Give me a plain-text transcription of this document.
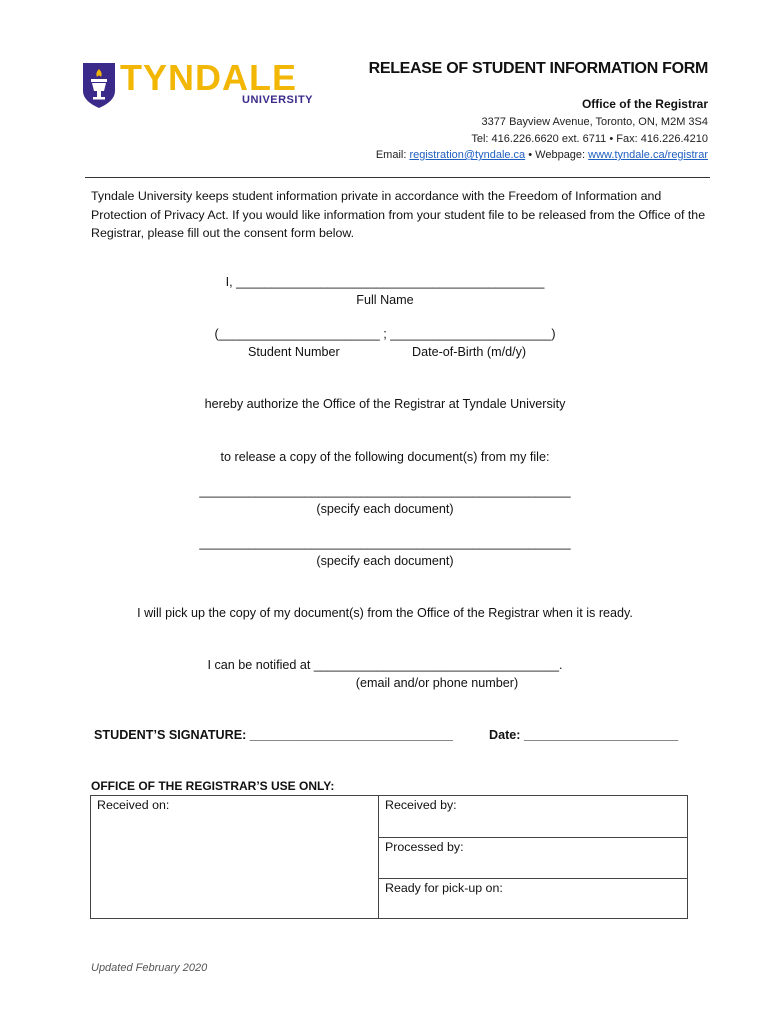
TYNDALE
UNIVERSITY
RELEASE OF STUDENT INFORMATION FORM
Office of the Registrar
3377 Bayview Avenue, Toronto, ON, M2M 3S4
Tel: 416.226.6620 ext. 6711 • Fax: 416.226.4210
Email: registration@tyndale.ca • Webpage: www.tyndale.ca/registrar
Tyndale University keeps student information private in accordance with the Freedom of Information and Protection of Privacy Act. If you would like information from your student file to be released from the Office of the Registrar, please fill out the consent form below.
I, ____________________________________________
Full Name
(_______________________ ; _______________________)
Student Number	Date-of-Birth (m/d/y)
hereby authorize the Office of the Registrar at Tyndale University
to release a copy of the following document(s) from my file:
_____________________________________________________
(specify each document)
_____________________________________________________
(specify each document)
I will pick up the copy of my document(s) from the Office of the Registrar when it is ready.
I can be notified at ___________________________________.
(email and/or phone number)
STUDENT’S SIGNATURE: _____________________________	Date: ______________________
OFFICE OF THE REGISTRAR’S USE ONLY:
Received on:	Received by:
Processed by:
Ready for pick-up on:
Updated February 2020
